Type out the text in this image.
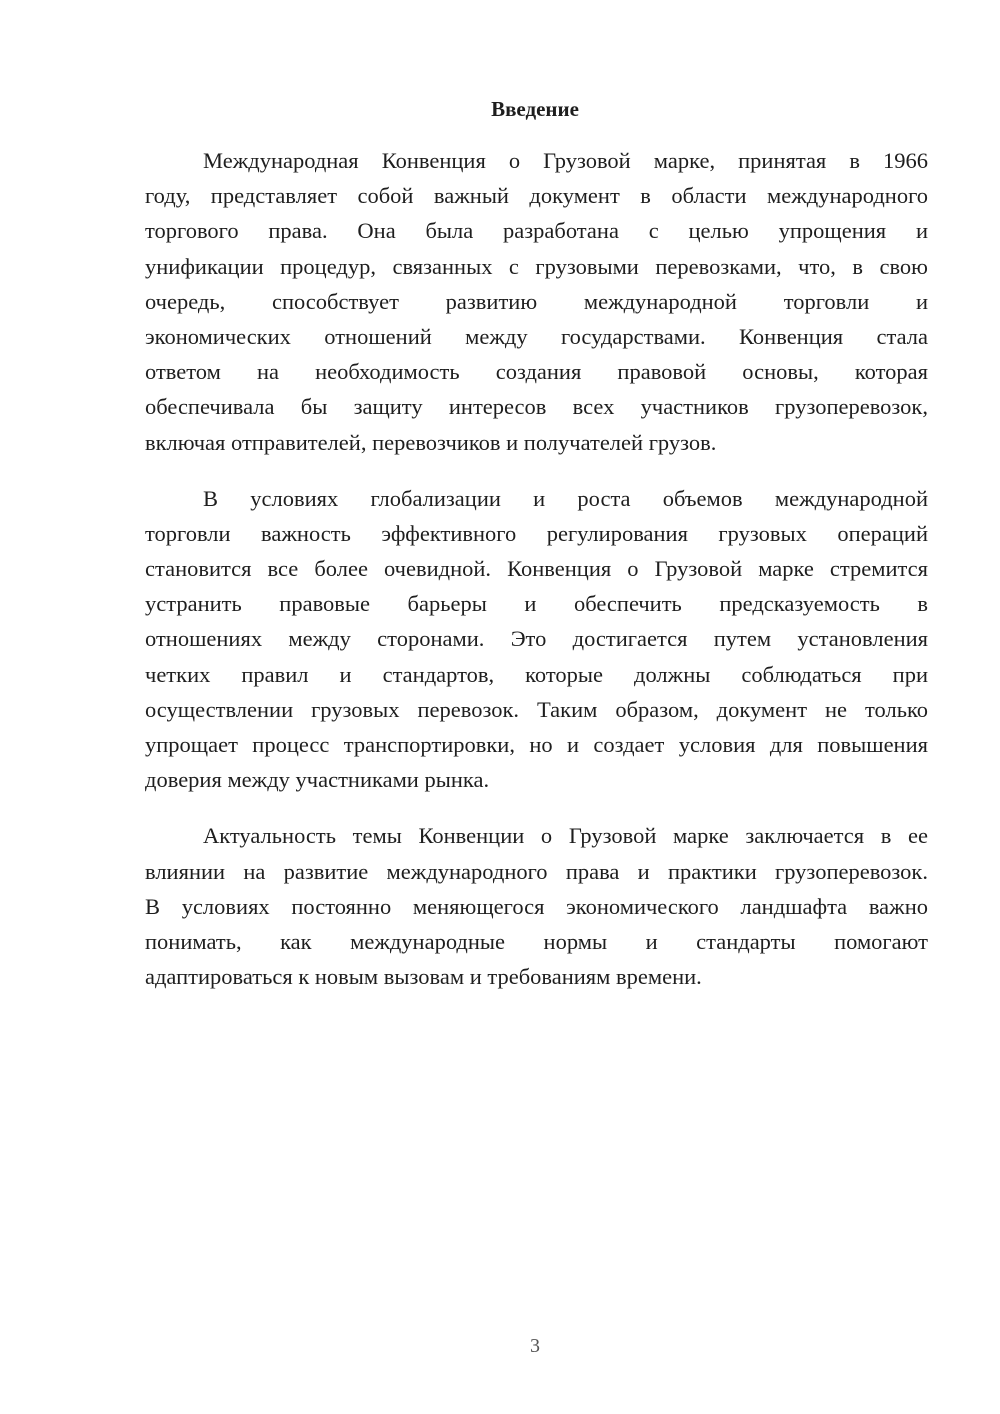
Введение
Международная Конвенция о Грузовой марке, принятая в 1966
году, представляет собой важный документ в области международного
торгового права. Она была разработана с целью упрощения и
унификации процедур, связанных с грузовыми перевозками, что, в свою
очередь, способствует развитию международной торговли и
экономических отношений между государствами. Конвенция стала
ответом на необходимость создания правовой основы, которая
обеспечивала бы защиту интересов всех участников грузоперевозок,
включая отправителей, перевозчиков и получателей грузов.
В условиях глобализации и роста объемов международной
торговли важность эффективного регулирования грузовых операций
становится все более очевидной. Конвенция о Грузовой марке стремится
устранить правовые барьеры и обеспечить предсказуемость в
отношениях между сторонами. Это достигается путем установления
четких правил и стандартов, которые должны соблюдаться при
осуществлении грузовых перевозок. Таким образом, документ не только
упрощает процесс транспортировки, но и создает условия для повышения
доверия между участниками рынка.
Актуальность темы Конвенции о Грузовой марке заключается в ее
влиянии на развитие международного права и практики грузоперевозок.
В условиях постоянно меняющегося экономического ландшафта важно
понимать, как международные нормы и стандарты помогают
адаптироваться к новым вызовам и требованиям времени.
3
